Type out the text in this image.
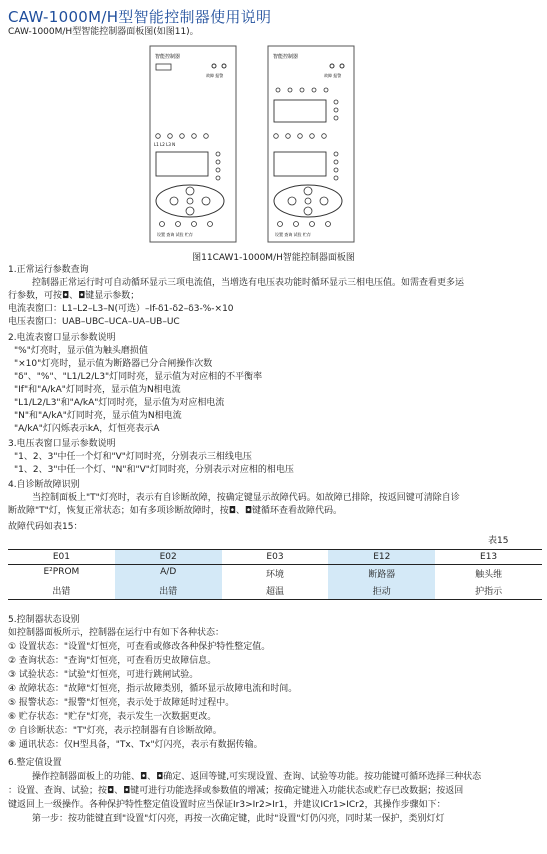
CAW-1000M/H型智能控制器使用说明
CAW-1000M/H型智能控制器面板图(如图11)。
智能控制器
故障 报警
L1 L2 L3 N
设置 查询 试验 贮存
智能控制器
故障 报警
设置 查询 试验 贮存
图11CAW1-1000M/H智能控制器面板图
1.正常运行参数查询
控制器正常运行时可自动循环显示三项电流值，当增选有电压表功能时循环显示三相电压值。如需查看更多运
行参数，可按◘、◘键显示参数；
电流表窗口：L1–L2–L3–N(可选）–If-δ1-δ2–δ3-%-×10
电压表窗口：UAB–UBC–UCA–UA–UB–UC
2.电流表窗口显示参数说明
"%"灯亮时，显示值为触头磨损值
"×10"灯亮时，显示值为断路器已分合闸操作次数
"δ"、"%"、"L1/L2/L3"灯同时亮，显示值为对应相的不平衡率
"If"和"A/kA"灯同时亮，显示值为N相电流
"L1/L2/L3"和"A/kA"灯同时亮，显示值为对应相电流
"N"和"A/kA"灯同时亮，显示值为N相电流
"A/kA"灯闪烁表示kA，灯恒亮表示A
3.电压表窗口显示参数说明
"1、2、3"中任一个灯和"V"灯同时亮，分别表示三相线电压
"1、2、3"中任一个灯、"N"和"V"灯同时亮，分别表示对应相的相电压
4.自诊断故障识别
当控制面板上"T"灯亮时，表示有自诊断故障，按确定键显示故障代码。如故障已排除，按返回键可清除自诊
断故障"T"灯，恢复正常状态；如有多项诊断故障时，按◘、◘键循环查看故障代码。
故障代码如表15：
表15
E01	E02	E03	E12	E13
E²PROM	A/D	环境	断路器	触头维
出错	出错	超温	拒动	护指示
5.控制器状态设别
如控制器面板所示，控制器在运行中有如下各种状态：
① 设置状态："设置"灯恒亮，可查看或修改各种保护特性整定值。
② 查询状态："查询"灯恒亮，可查看历史故障信息。
③ 试验状态："试验"灯恒亮，可进行跳闸试验。
④ 故障状态："故障"灯恒亮，指示故障类别，循环显示故障电流和时间。
⑤ 报警状态："报警"灯恒亮，表示处于故障延时过程中。
⑥ 贮存状态："贮存"灯亮，表示发生一次数据更改。
⑦ 自诊断状态："T"灯亮，表示控制器有自诊断故障。
⑧ 通讯状态：仅H型具备，"Tx、Tx"灯闪亮，表示有数据传输。
6.整定值设置
操作控制器面板上的功能、◘、◘确定、返回等键,可实现设置、查询、试验等功能。按功能键可循环选择三种状态
：设置、查询、试验；按◘、◘键可进行功能选择或参数值的增减；按确定键进入功能状态或贮存已改数据；按返回
键返回上一级操作。各种保护特性整定值设置时应当保证Ir3>Ir2>Ir1，并建议ICr1>ICr2，其操作步骤如下：
第一步：按功能键直到"设置"灯闪亮，再按一次确定键，此时"设置"灯仍闪亮，同时某一保护，类别灯灯
